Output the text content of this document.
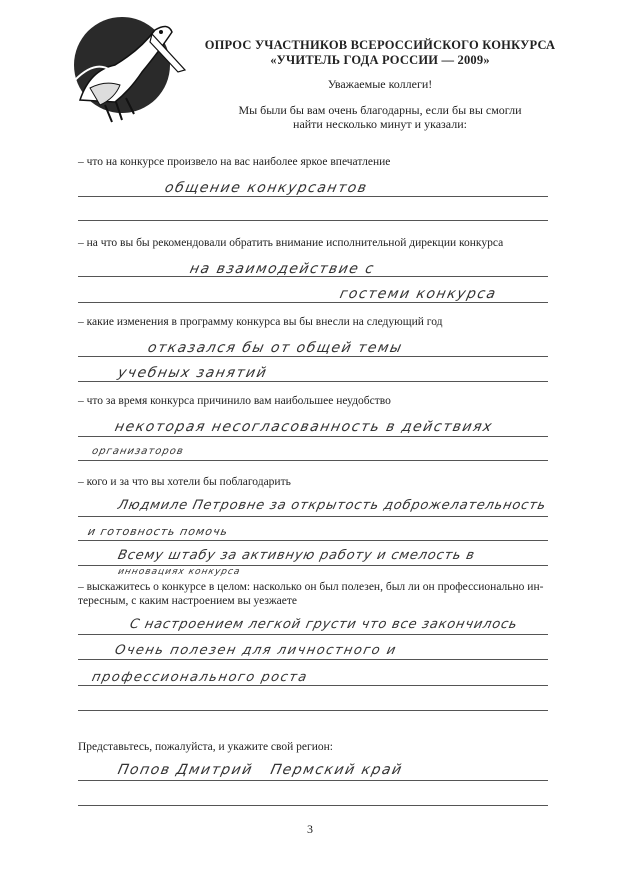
ОПРОС УЧАСТНИКОВ ВСЕРОССИЙСКОГО КОНКУРСА
«УЧИТЕЛЬ ГОДА РОССИИ — 2009»
Уважаемые коллеги!
Мы были бы вам очень благодарны, если бы вы смогли
найти несколько минут и указали:
– что на конкурсе произвело на вас наиболее яркое впечатление
общение конкурсантов
– на что вы бы рекомендовали обратить внимание исполнительной дирекции конкурса
на взаимодействие с
гостеми конкурса
– какие изменения в программу конкурса вы бы внесли на следующий год
отказался бы от общей темы
учебных занятий
– что за время конкурса причинило вам наибольшее неудобство
некоторая несогласованность в действиях
организаторов
– кого и за что вы хотели бы поблагодарить
Людмиле Петровне за открытость доброжелательность
и готовность помочь
Всему штабу за активную работу и смелость в
инновациях конкурса
– выскажитесь о конкурсе в целом: насколько он был полезен, был ли он профессионально ин-
тересным, с каким настроением вы уезжаете
С настроением легкой грусти что все закончилось
Очень полезен для личностного и
профессионального роста
Представьтесь, пожалуйста, и укажите свой регион:
Попов Дмитрий   Пермский край
3
